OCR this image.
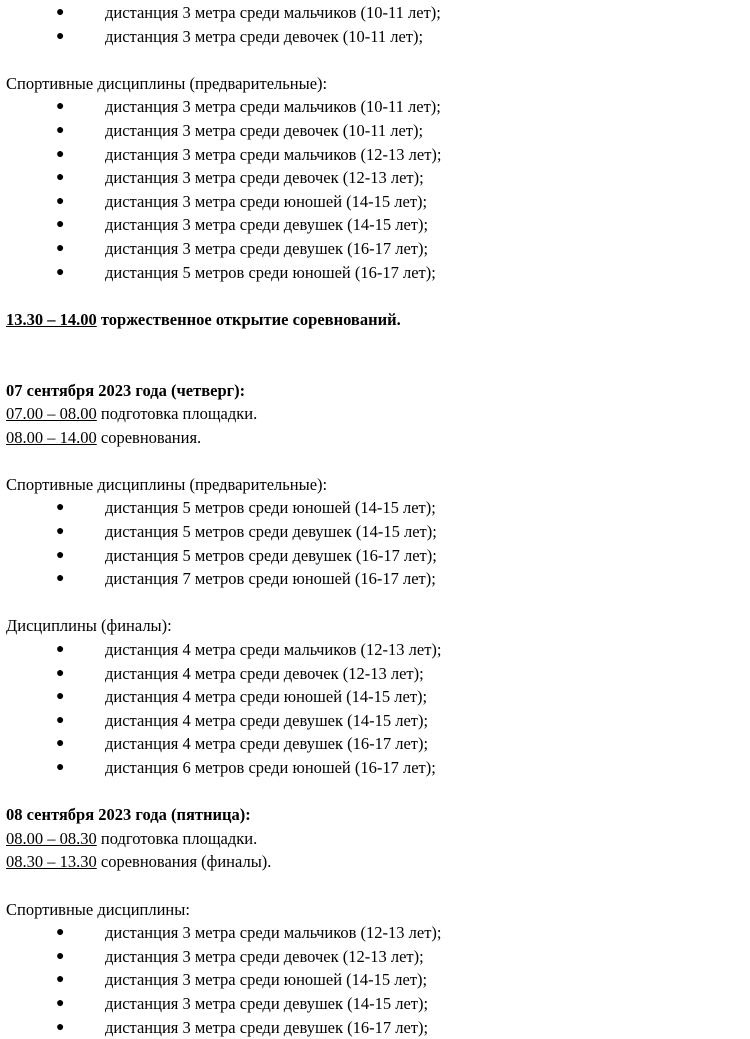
● дистанция 3 метра среди мальчиков (10-11 лет);
● дистанция 3 метра среди девочек (10-11 лет);
Спортивные дисциплины (предварительные):
● дистанция 3 метра среди мальчиков (10-11 лет);
● дистанция 3 метра среди девочек (10-11 лет);
● дистанция 3 метра среди мальчиков (12-13 лет);
● дистанция 3 метра среди девочек (12-13 лет);
● дистанция 3 метра среди юношей (14-15 лет);
● дистанция 3 метра среди девушек (14-15 лет);
● дистанция 3 метра среди девушек (16-17 лет);
● дистанция 5 метров среди юношей (16-17 лет);
13.30 – 14.00 торжественное открытие соревнований.
07 сентября 2023 года (четверг):
07.00 – 08.00 подготовка площадки.
08.00 – 14.00 соревнования.
Спортивные дисциплины (предварительные):
● дистанция 5 метров среди юношей (14-15 лет);
● дистанция 5 метров среди девушек (14-15 лет);
● дистанция 5 метров среди девушек (16-17 лет);
● дистанция 7 метров среди юношей (16-17 лет);
Дисциплины (финалы):
● дистанция 4 метра среди мальчиков (12-13 лет);
● дистанция 4 метра среди девочек (12-13 лет);
● дистанция 4 метра среди юношей (14-15 лет);
● дистанция 4 метра среди девушек (14-15 лет);
● дистанция 4 метра среди девушек (16-17 лет);
● дистанция 6 метров среди юношей (16-17 лет);
08 сентября 2023 года (пятница):
08.00 – 08.30 подготовка площадки.
08.30 – 13.30 соревнования (финалы).
Спортивные дисциплины:
● дистанция 3 метра среди мальчиков (12-13 лет);
● дистанция 3 метра среди девочек (12-13 лет);
● дистанция 3 метра среди юношей (14-15 лет);
● дистанция 3 метра среди девушек (14-15 лет);
● дистанция 3 метра среди девушек (16-17 лет);
